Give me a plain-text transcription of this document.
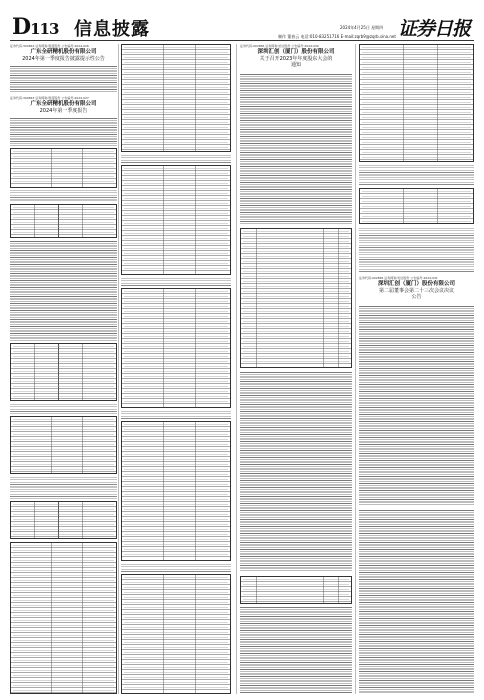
D113 信息披露	2024年4月25日 星期四
制作 董春云 电话:010-83251716 E-mail:zqrb9@zqrb.sina.net 证券日报
证券代码:300843 证券简称:胜蓝股份 公告编号:2024-026
广东全研精机股份有限公司
2024年第一季度报告披露提示性公告
证券代码:300843 证券简称:胜蓝股份 公告编号:2024-027
广东全研精机股份有限公司
2024年第一季度报告
证券代码:002865 证券简称:钧达股份 公告编号:2024-030
深圳汇创（厦门）股份有限公司
关于召开2023年年度股东大会的
通知
证券代码:002865 证券简称:钧达股份 公告编号:2024-031
深圳汇创（厦门）股份有限公司
第二届董事会第二十三次会议决议
公告
